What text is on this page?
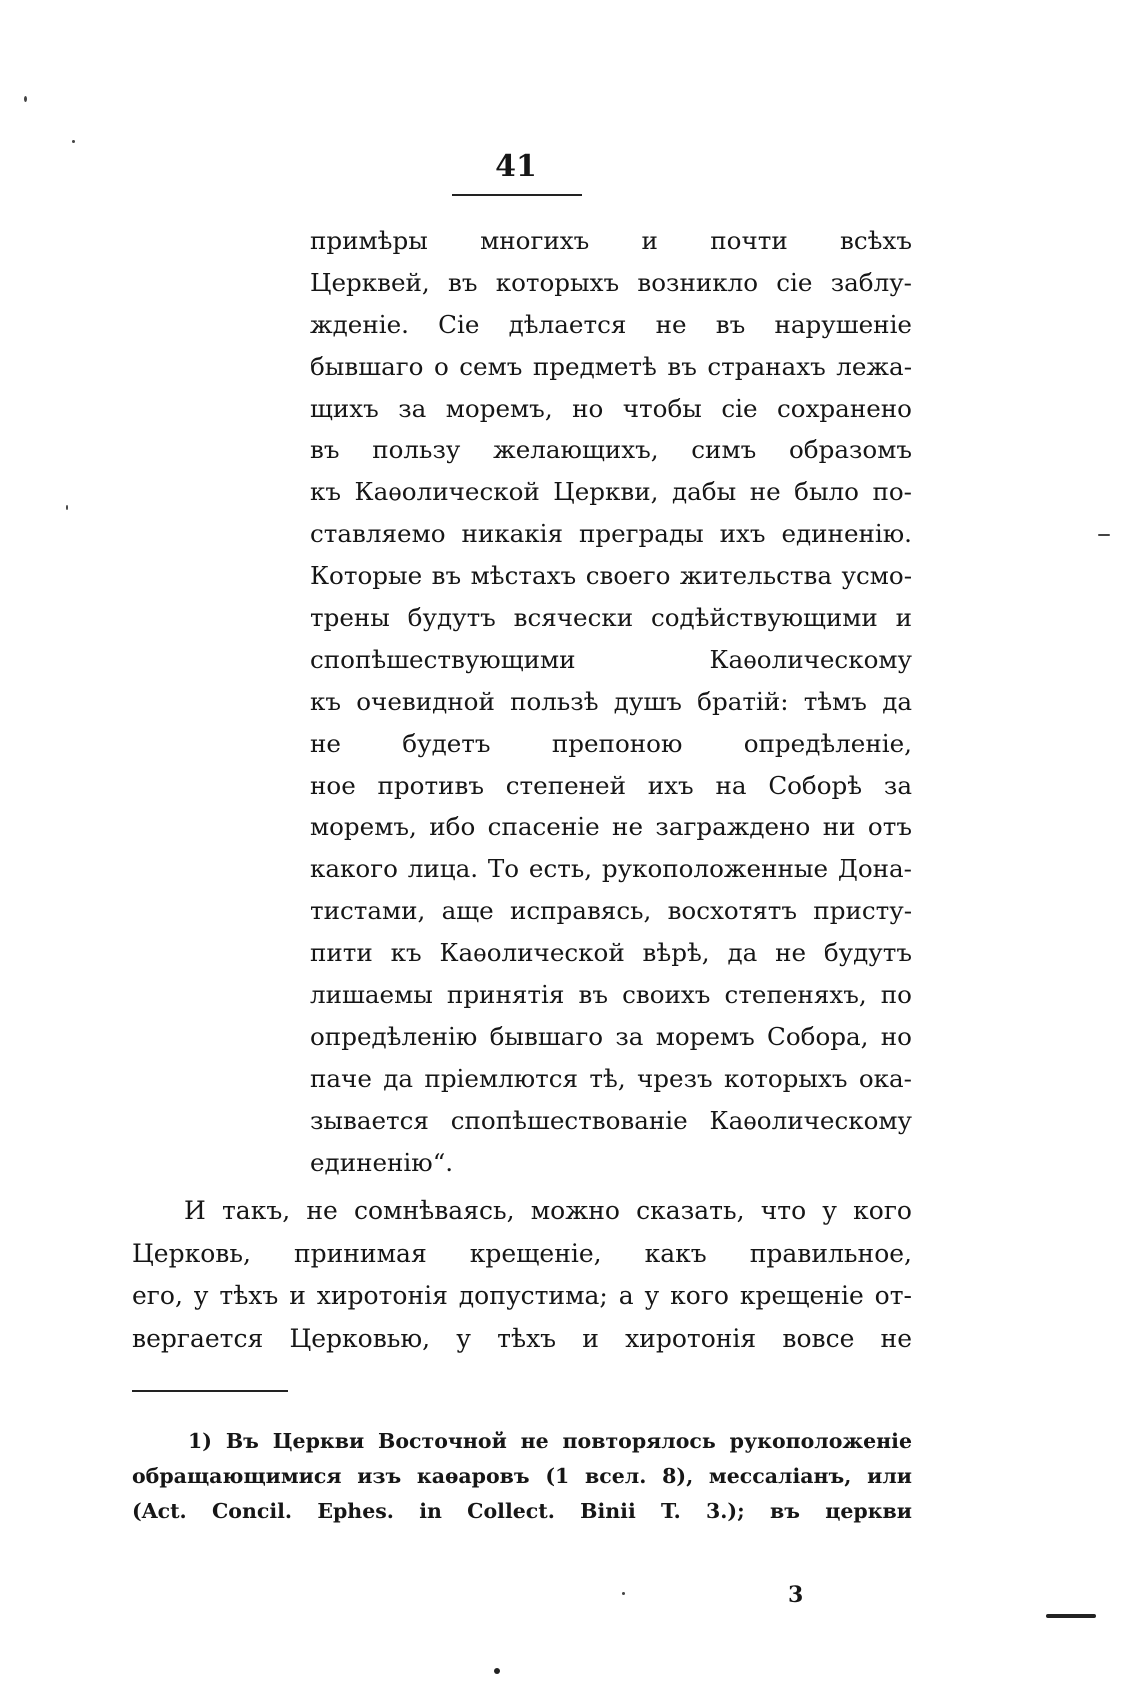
41
примѣры многихъ и почти всѣхъ
Церквей, въ которыхъ возникло сіе заблу-
жденіе. Сіе дѣлается не въ нарушеніе
бывшаго о семъ предметѣ въ странахъ лежа-
щихъ за моремъ, но чтобы сіе сохранено
въ пользу желающихъ, симъ образомъ
къ Каѳолической Церкви, дабы не было по-
ставляемо никакія преграды ихъ единенію.
Которые въ мѣстахъ своего жительства усмо-
трены будутъ всячески содѣйствующими и
спопѣшествующими Каѳолическому
къ очевидной пользѣ душъ братій: тѣмъ да
не будетъ препоною опредѣленіе,
ное противъ степеней ихъ на Соборѣ за
моремъ, ибо спасеніе не заграждено ни отъ
какого лица. То есть, рукоположенные Дона-
тистами, аще исправясь, восхотятъ присту-
пити къ Каѳолической вѣрѣ, да не будутъ
лишаемы принятія въ своихъ степеняхъ, по
опредѣленію бывшаго за моремъ Собора, но
паче да пріемлются тѣ, чрезъ которыхъ ока-
зывается спопѣшествованіе Каѳолическому
единенію“.
И такъ, не сомнѣваясь, можно сказать, что у кого
Церковь, принимая крещеніе, какъ правильное,
его, у тѣхъ и хиротонія допустима; а у кого крещеніе от-
вергается Церковью, у тѣхъ и хиротонія вовсе не
1) Въ Церкви Восточной не повторялось рукоположеніе
обращающимися изъ каѳаровъ (1 всел. 8), мессаліанъ, или
(Act. Concil. Ephes. in Collect. Binii T. 3.); въ церкви
3
